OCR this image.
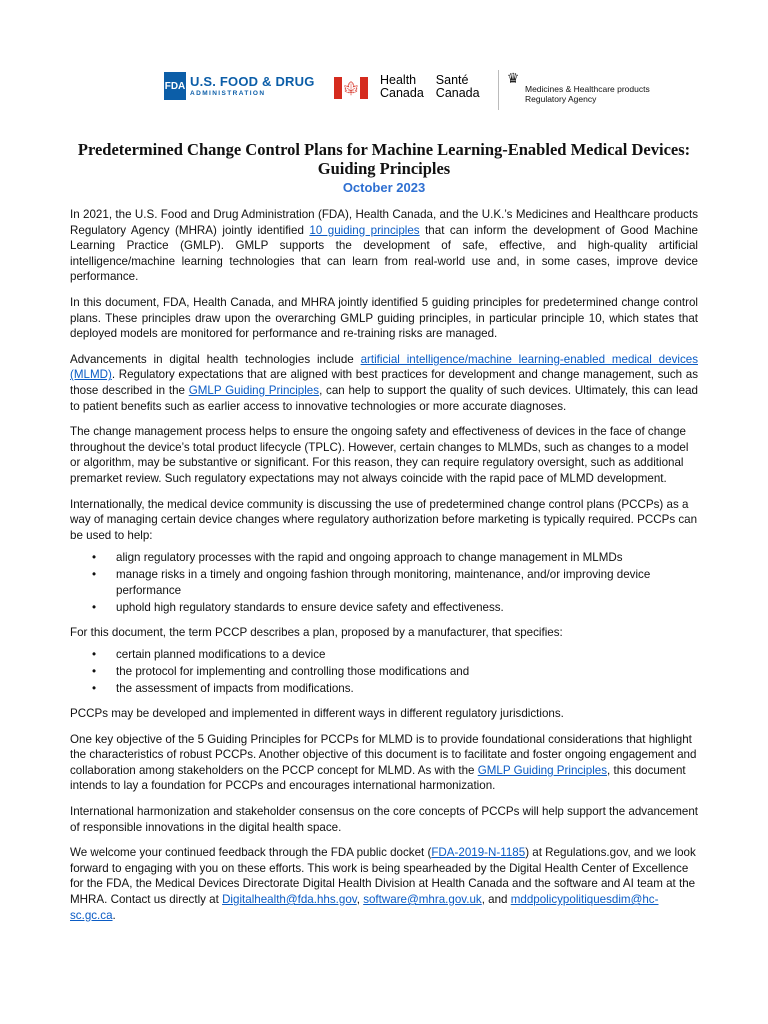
FDA U.S. FOOD & DRUG
ADMINISTRATION	🍁︎ Health	Santé
Canada Canada
♛
Medicines & Healthcare products
Regulatory Agency
Predetermined Change Control Plans for Machine Learning-Enabled Medical Devices:
Guiding Principles
October 2023

In 2021, the U.S. Food and Drug Administration (FDA), Health Canada, and the U.K.’s Medicines and Healthcare products Regulatory Agency (MHRA) jointly identified 10 guiding principles that can inform the development of Good Machine Learning Practice (GMLP). GMLP supports the development of safe, effective, and high-quality artificial intelligence/machine learning technologies that can learn from real-world use and, in some cases, improve device performance.

In this document, FDA, Health Canada, and MHRA jointly identified 5 guiding principles for predetermined change control plans. These principles draw upon the overarching GMLP guiding principles, in particular principle 10, which states that deployed models are monitored for performance and re-training risks are managed.

Advancements in digital health technologies include artificial intelligence/machine learning-enabled medical devices (MLMD). Regulatory expectations that are aligned with best practices for development and change management, such as those described in the GMLP Guiding Principles, can help to support the quality of such devices. Ultimately, this can lead to patient benefits such as earlier access to innovative technologies or more accurate diagnoses.

The change management process helps to ensure the ongoing safety and effectiveness of devices in the face of change throughout the device’s total product lifecycle (TPLC). However, certain changes to MLMDs, such as changes to a model or algorithm, may be substantive or significant. For this reason, they can require regulatory oversight, such as additional premarket review. Such regulatory expectations may not always coincide with the rapid pace of MLMD development.

Internationally, the medical device community is discussing the use of predetermined change control plans (PCCPs) as a way of managing certain device changes where regulatory authorization before marketing is typically required. PCCPs can be used to help:

• align regulatory processes with the rapid and ongoing approach to change management in MLMDs
• manage risks in a timely and ongoing fashion through monitoring, maintenance, and/or improving device performance
• uphold high regulatory standards to ensure device safety and effectiveness.

For this document, the term PCCP describes a plan, proposed by a manufacturer, that specifies:

• certain planned modifications to a device
• the protocol for implementing and controlling those modifications and
• the assessment of impacts from modifications.

PCCPs may be developed and implemented in different ways in different regulatory jurisdictions.

One key objective of the 5 Guiding Principles for PCCPs for MLMD is to provide foundational considerations that highlight the characteristics of robust PCCPs. Another objective of this document is to facilitate and foster ongoing engagement and collaboration among stakeholders on the PCCP concept for MLMD. As with the GMLP Guiding Principles, this document intends to lay a foundation for PCCPs and encourages international harmonization.

International harmonization and stakeholder consensus on the core concepts of PCCPs will help support the advancement of responsible innovations in the digital health space.

We welcome your continued feedback through the FDA public docket (FDA-2019-N-1185) at Regulations.gov, and we look forward to engaging with you on these efforts. This work is being spearheaded by the Digital Health Center of Excellence for the FDA, the Medical Devices Directorate Digital Health Division at Health Canada and the software and AI team at the MHRA. Contact us directly at Digitalhealth@fda.hhs.gov, software@mhra.gov.uk, and mddpolicypolitiquesdim@hc-sc.gc.ca.
